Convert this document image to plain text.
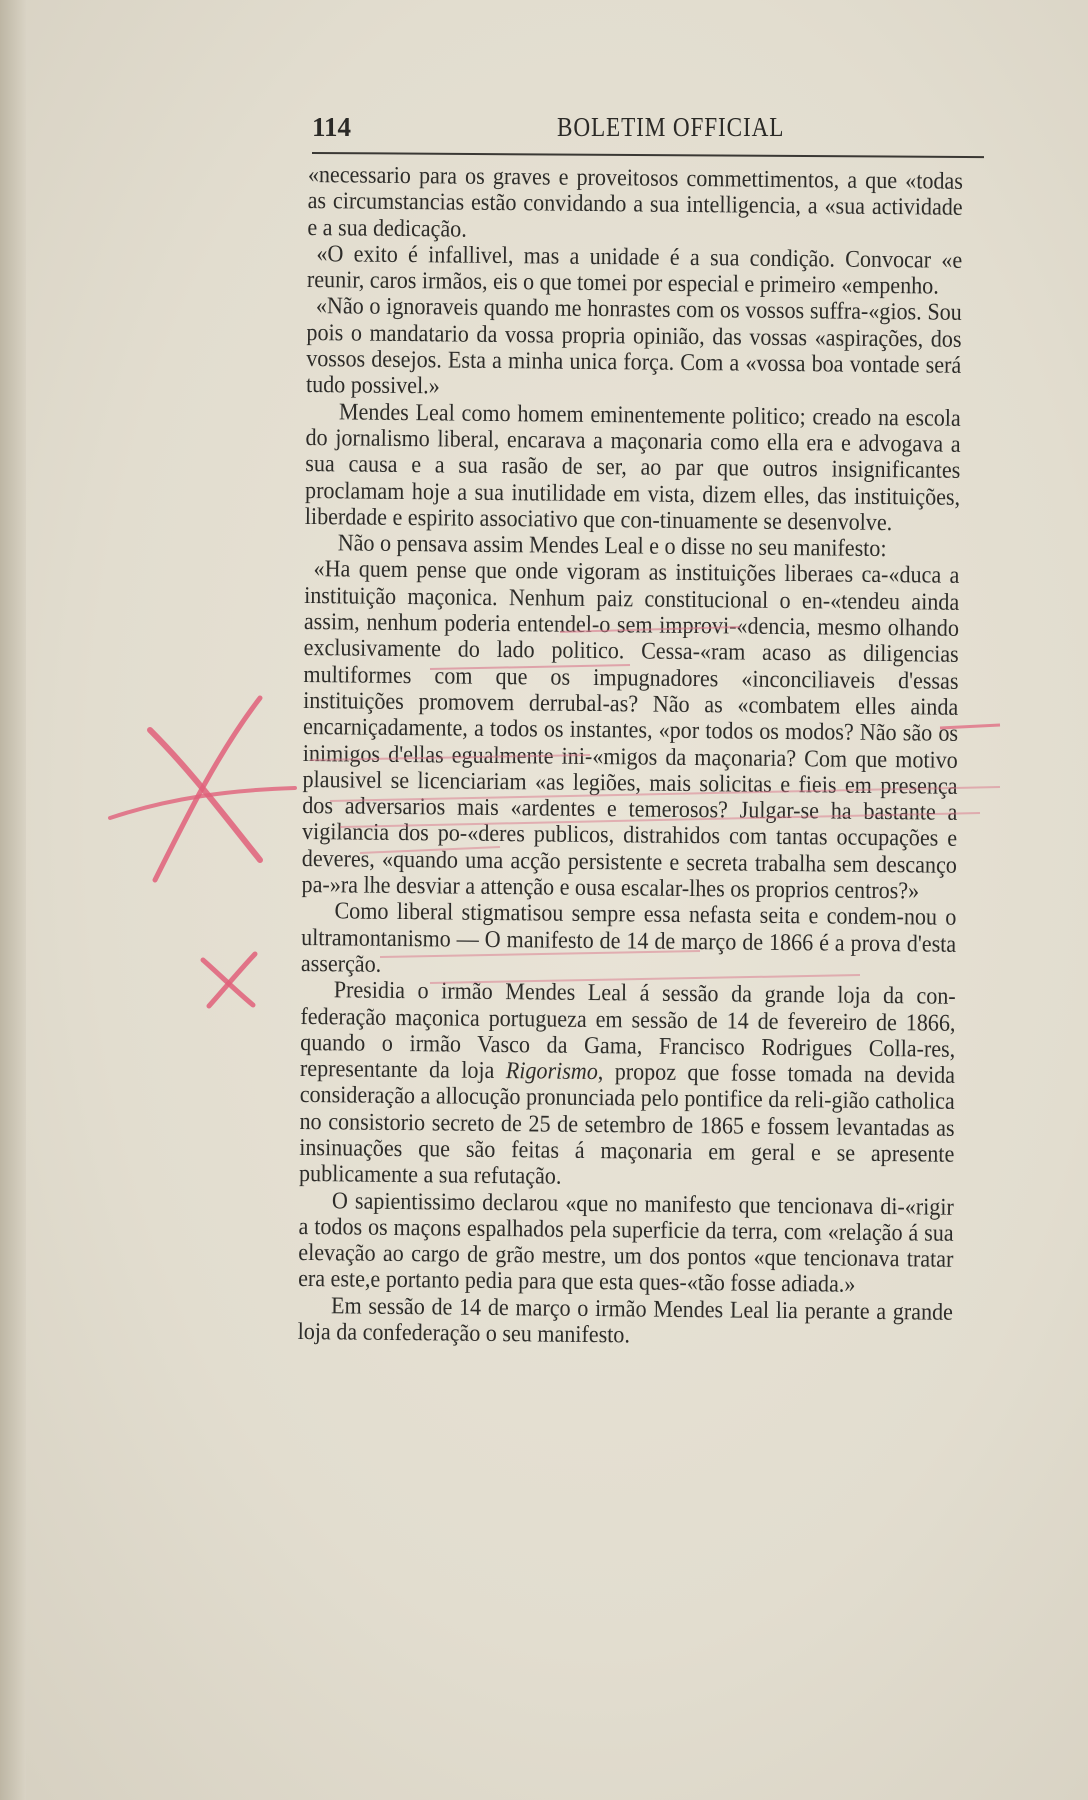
114	BOLETIM OFFICIAL

«necessario para os graves e proveitosos commettimentos, a que «todas as circumstancias estão convidando a sua intelligencia, a «sua actividade e a sua dedicação.

«O exito é infallivel, mas a unidade é a sua condição. Convocar «e reunir, caros irmãos, eis o que tomei por especial e primeiro «empenho.

«Não o ignoraveis quando me honrastes com os vossos suffra-«gios. Sou pois o mandatario da vossa propria opinião, das vossas «aspirações, dos vossos desejos. Esta a minha unica força. Com a «vossa boa vontade será tudo possivel.»

Mendes Leal como homem eminentemente politico; creado na escola do jornalismo liberal, encarava a maçonaria como ella era e advogava a sua causa e a sua rasão de ser, ao par que outros insignificantes proclamam hoje a sua inutilidade em vista, dizem elles, das instituições, liberdade e espirito associativo que con-tinuamente se desenvolve.

Não o pensava assim Mendes Leal e o disse no seu manifesto:

«Ha quem pense que onde vigoram as instituições liberaes ca-«duca a instituição maçonica. Nenhum paiz constitucional o en-«tendeu ainda assim, nenhum poderia entendel-o sem improvi-«dencia, mesmo olhando exclusivamente do lado politico. Cessa-«ram acaso as diligencias multiformes com que os impugnadores «inconciliaveis d'essas instituições promovem derrubal-as? Não as «combatem elles ainda encarniçadamente, a todos os instantes, «por todos os modos? Não são os inimigos d'ellas egualmente ini-«migos da maçonaria? Com que motivo plausivel se licenciariam «as legiões, mais solicitas e fieis em presença dos adversarios mais «ardentes e temerosos? Julgar-se ha bastante a vigilancia dos po-«deres publicos, distrahidos com tantas occupações e deveres, «quando uma acção persistente e secreta trabalha sem descanço pa-»ra lhe desviar a attenção e ousa escalar-lhes os proprios centros?»

Como liberal stigmatisou sempre essa nefasta seita e condem-nou o ultramontanismo — O manifesto de 14 de março de 1866 é a prova d'esta asserção.

Presidia o irmão Mendes Leal á sessão da grande loja da con-federação maçonica portugueza em sessão de 14 de fevereiro de 1866, quando o irmão Vasco da Gama, Francisco Rodrigues Colla-res, representante da loja Rigorismo, propoz que fosse tomada na devida consideração a allocução pronunciada pelo pontifice da reli-gião catholica no consistorio secreto de 25 de setembro de 1865 e fossem levantadas as insinuações que são feitas á maçonaria em geral e se apresente publicamente a sua refutação.

O sapientissimo declarou «que no manifesto que tencionava di-«rigir a todos os maçons espalhados pela superficie da terra, com «relação á sua elevação ao cargo de grão mestre, um dos pontos «que tencionava tratar era este,e portanto pedia para que esta ques-«tão fosse adiada.»

Em sessão de 14 de março o irmão Mendes Leal lia perante a grande loja da confederação o seu manifesto.
